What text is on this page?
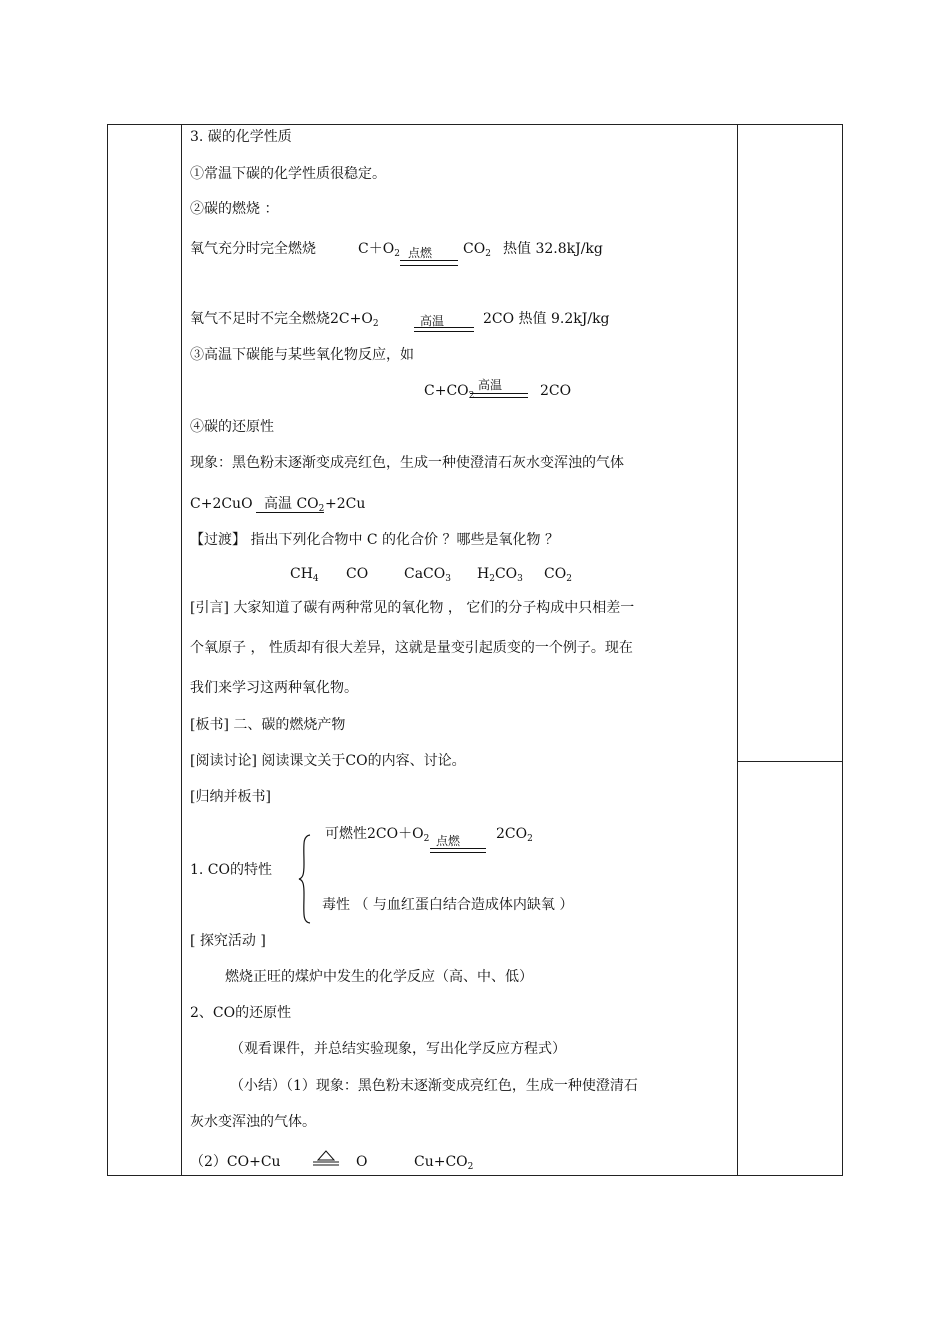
3. 碳的化学性质
①常温下碳的化学性质很稳定。
②碳的燃烧 ：
氧气充分时完全燃烧	$C+O_2$ 点燃 $CO_2$ 热值 32.8kJ/kg
氧气不足时不完全燃烧$2C+O_2$	高温	2CO 热值 9.2kJ/kg
③高温下碳能与某些氧化物反应，如
$C+CO_2$
高温	2CO
④碳的还原性
现象：黑色粉末逐渐变成亮红色，生成一种使澄清石灰水变浑浊的气体
C+2CuO 高温 $CO_2 +2Cu$
【过渡】 指出下列化合物中 C 的化合价 ？哪些是氧化物 ？
$CH_4$ CO	CaCO$_3$ $H_2CO_3$ $CO_2$
[引言] 大家知道了碳有两种常见的氧化物 ， 它们的分子构成中只相差一
个氧原子 ， 性质却有很大差异，这就是量变引起质变的一个例子。现在
我们来学习这两种氧化物。
[板书] 二、碳的燃烧产物
[阅读讨论] 阅读课文关于CO的内容、讨论。
[归纳并板书]
可燃性$2CO+O_2$ 点燃	$2CO_2$
1. CO的特性
毒性 （ 与血红蛋白结合造成体内缺氧 ）
[ 探究活动 ]
燃烧正旺的煤炉中发生的化学反应（高、中、低）
2、CO的还原性
（观看课件，并总结实验现象，写出化学反应方程式）
（小结）（1）现象：黑色粉末逐渐变成亮红色，生成一种使澄清石
灰水变浑浊的气体。
（2）CO+Cu	O	$Cu+CO_2$
